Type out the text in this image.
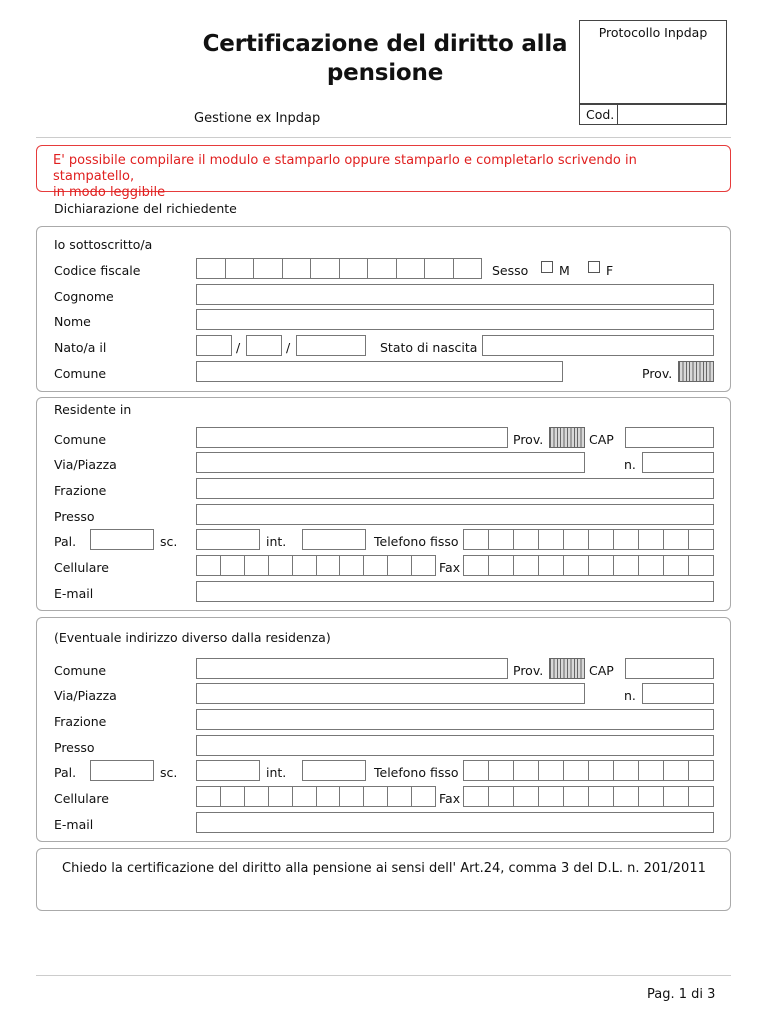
Certificazione del diritto alla
pensione
Gestione ex Inpdap
Protocollo Inpdap
Cod.
E' possibile compilare il modulo e stamparlo oppure stamparlo e completarlo scrivendo in stampatello,
in modo leggibile
Dichiarazione del richiedente
Io sottoscritto/a
Codice fiscale	Sesso M	F
Cognome
Nome
Nato/a il	/	/	Stato di nascita
Comune	Prov.
Residente in
Comune	Prov.	CAP
Via/Piazza	n.
Frazione
Presso
Pal.	sc.	int.	Telefono fisso
Cellulare	Fax
E-mail
(Eventuale indirizzo diverso dalla residenza)
Comune	Prov.	CAP
Via/Piazza	n.
Frazione
Presso
Pal.	sc.	int.	Telefono fisso
Cellulare	Fax
E-mail
Chiedo la certificazione del diritto alla pensione ai sensi dell' Art.24, comma 3 del D.L. n. 201/2011
Pag. 1 di 3
